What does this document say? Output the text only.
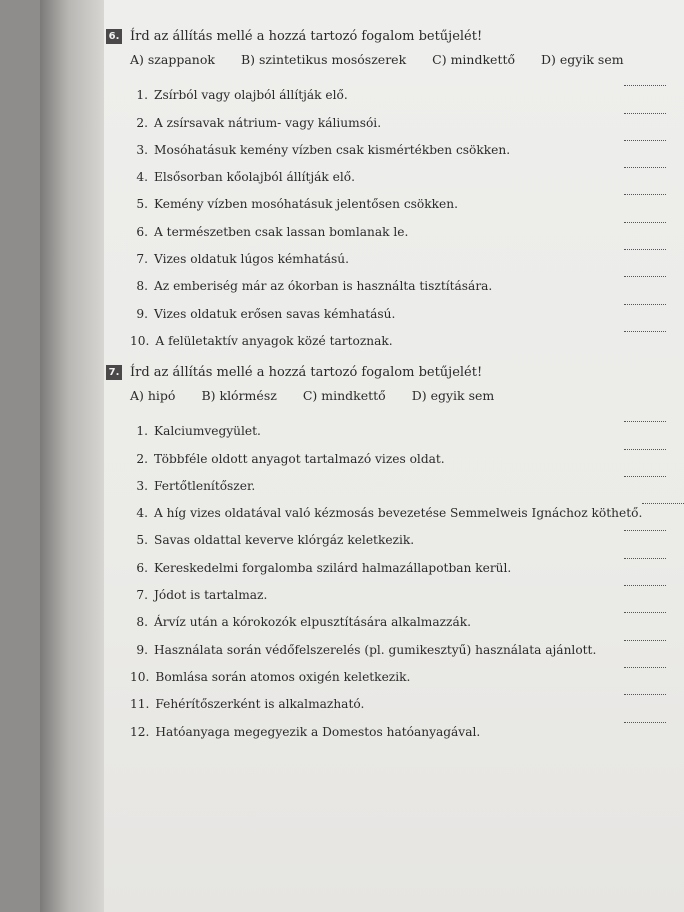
6. Írd az állítás mellé a hozzá tartozó fogalom betűjelét!
A) szappanok B) szintetikus mosószerek C) mindkettő D) egyik sem
1. Zsírból vagy olajból állítják elő.
2. A zsírsavak nátrium- vagy káliumsói.
3. Mosóhatásuk kemény vízben csak kismértékben csökken.
4. Elsősorban kőolajból állítják elő.
5. Kemény vízben mosóhatásuk jelentősen csökken.
6. A természetben csak lassan bomlanak le.
7. Vizes oldatuk lúgos kémhatású.
8. Az emberiség már az ókorban is használta tisztítására.
9. Vizes oldatuk erősen savas kémhatású.
10. A felületaktív anyagok közé tartoznak.
7. Írd az állítás mellé a hozzá tartozó fogalom betűjelét!
A) hipó B) klórmész C) mindkettő D) egyik sem
1. Kalciumvegyület.
2. Többféle oldott anyagot tartalmazó vizes oldat.
3. Fertőtlenítőszer.
4. A híg vizes oldatával való kézmosás bevezetése Semmelweis Ignáchoz köthető.
5. Savas oldattal keverve klórgáz keletkezik.
6. Kereskedelmi forgalomba szilárd halmazállapotban kerül.
7. Jódot is tartalmaz.
8. Árvíz után a kórokozók elpusztítására alkalmazzák.
9. Használata során védőfelszerelés (pl. gumikesztyű) használata ajánlott.
10. Bomlása során atomos oxigén keletkezik.
11. Fehérítőszerként is alkalmazható.
12. Hatóanyaga megegyezik a Domestos hatóanyagával.
